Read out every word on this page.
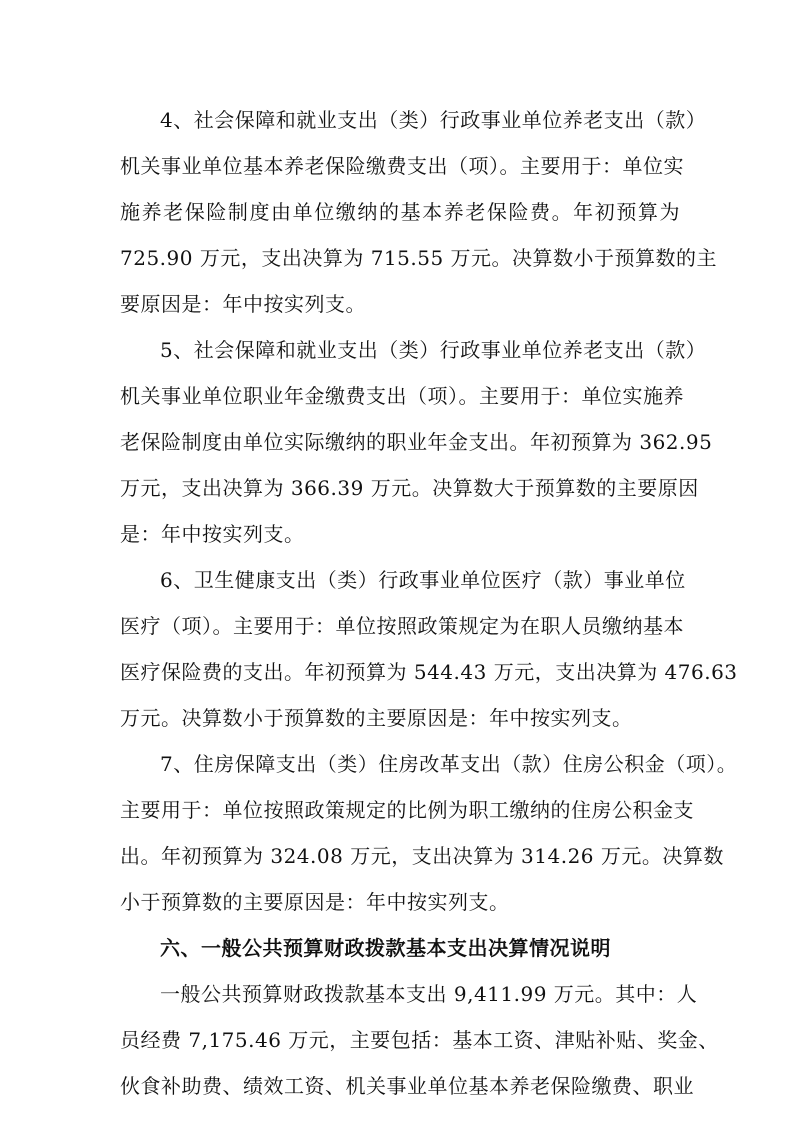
4、社会保障和就业支出（类）行政事业单位养老支出（款）
机关事业单位基本养老保险缴费支出（项）。主要用于：单位实
施养老保险制度由单位缴纳的基本养老保险费。年初预算为
725.90 万元，支出决算为 715.55 万元。决算数小于预算数的主
要原因是：年中按实列支。
5、社会保障和就业支出（类）行政事业单位养老支出（款）
机关事业单位职业年金缴费支出（项）。主要用于：单位实施养
老保险制度由单位实际缴纳的职业年金支出。年初预算为 362.95
万元，支出决算为 366.39 万元。决算数大于预算数的主要原因
是：年中按实列支。
6、卫生健康支出（类）行政事业单位医疗（款）事业单位
医疗（项）。主要用于：单位按照政策规定为在职人员缴纳基本
医疗保险费的支出。年初预算为 544.43 万元，支出决算为 476.63
万元。决算数小于预算数的主要原因是：年中按实列支。
7、住房保障支出（类）住房改革支出（款）住房公积金（项）。
主要用于：单位按照政策规定的比例为职工缴纳的住房公积金支
出。年初预算为 324.08 万元，支出决算为 314.26 万元。决算数
小于预算数的主要原因是：年中按实列支。
六、一般公共预算财政拨款基本支出决算情况说明
一般公共预算财政拨款基本支出 9,411.99 万元。其中：人
员经费 7,175.46 万元，主要包括：基本工资、津贴补贴、奖金、
伙食补助费、绩效工资、机关事业单位基本养老保险缴费、职业
